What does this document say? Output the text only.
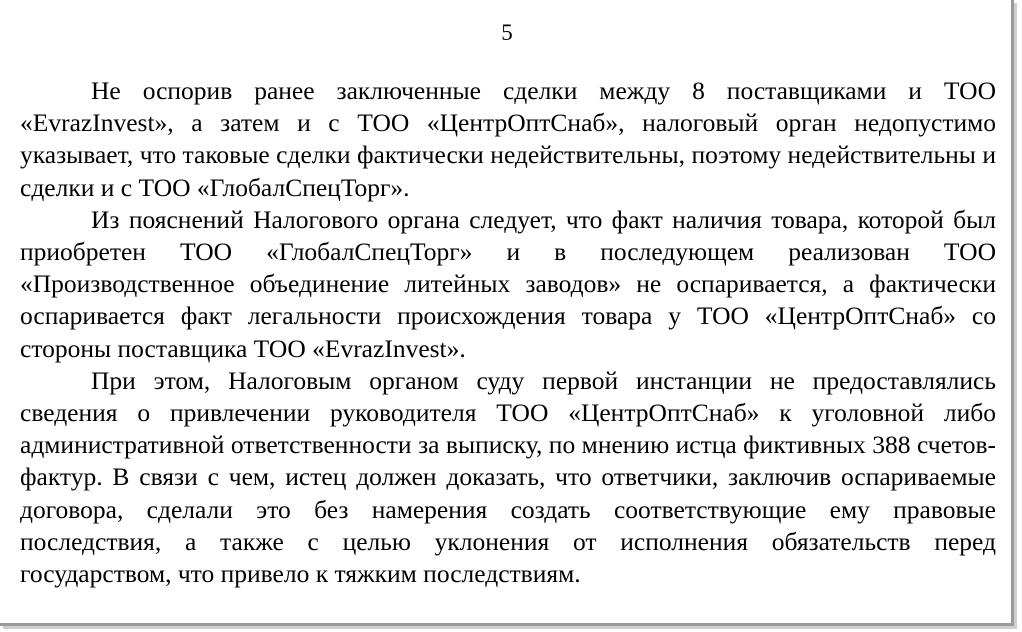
5

Не оспорив ранее заключенные сделки между 8 поставщиками и ТОО «EvrazInvest», а затем и с ТОО «ЦентрОптСнаб», налоговый орган недопустимо указывает, что таковые сделки фактически недействительны, поэтому недействительны и сделки и с ТОО «ГлобалСпецТорг».

Из пояснений Налогового органа следует, что факт наличия товара, которой был приобретен ТОО «ГлобалСпецТорг» и в последующем реализован ТОО «Производственное объединение литейных заводов» не оспаривается, а фактически оспаривается факт легальности происхождения товара у ТОО «ЦентрОптСнаб» со стороны поставщика ТОО «EvrazInvest».

При этом, Налоговым органом суду первой инстанции не предоставлялись сведения о привлечении руководителя ТОО «ЦентрОптСнаб» к уголовной либо административной ответственности за выписку, по мнению истца фиктивных 388 счетов-фактур. В связи с чем, истец должен доказать, что ответчики, заключив оспариваемые договора, сделали это без намерения создать соответствующие ему правовые последствия, а также с целью уклонения от исполнения обязательств перед государством, что привело к тяжким последствиям.
